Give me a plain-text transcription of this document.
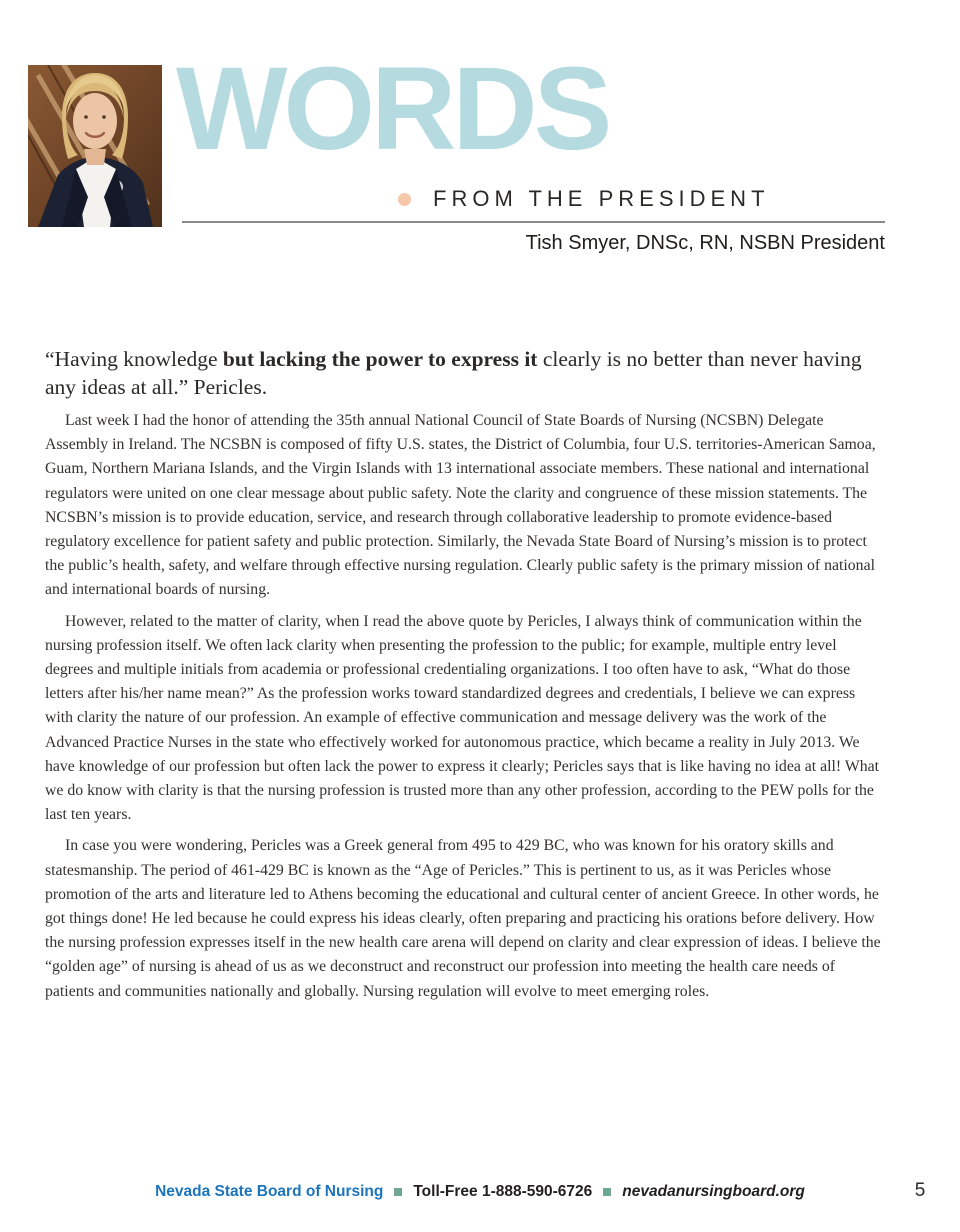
WORDS
FROM THE PRESIDENT
Tish Smyer, DNSc, RN, NSBN President

“Having knowledge but lacking the power to express it clearly is no better than never having any ideas at all.” Pericles.

Last week I had the honor of attending the 35th annual National Council of State Boards of Nursing (NCSBN) Delegate Assembly in Ireland. The NCSBN is composed of fifty U.S. states, the District of Columbia, four U.S. territories-American Samoa, Guam, Northern Mariana Islands, and the Virgin Islands with 13 international associate members. These national and international regulators were united on one clear message about public safety. Note the clarity and congruence of these mission statements. The NCSBN’s mission is to provide education, service, and research through collaborative leadership to promote evidence-based regulatory excellence for patient safety and public protection. Similarly, the Nevada State Board of Nursing’s mission is to protect the public’s health, safety, and welfare through effective nursing regulation. Clearly public safety is the primary mission of national and international boards of nursing.

However, related to the matter of clarity, when I read the above quote by Pericles, I always think of communication within the nursing profession itself. We often lack clarity when presenting the profession to the public; for example, multiple entry level degrees and multiple initials from academia or professional credentialing organizations. I too often have to ask, “What do those letters after his/her name mean?” As the profession works toward standardized degrees and credentials, I believe we can express with clarity the nature of our profession. An example of effective communication and message delivery was the work of the Advanced Practice Nurses in the state who effectively worked for autonomous practice, which became a reality in July 2013. We have knowledge of our profession but often lack the power to express it clearly; Pericles says that is like having no idea at all! What we do know with clarity is that the nursing profession is trusted more than any other profession, according to the PEW polls for the last ten years.

In case you were wondering, Pericles was a Greek general from 495 to 429 BC, who was known for his oratory skills and statesmanship. The period of 461-429 BC is known as the “Age of Pericles.” This is pertinent to us, as it was Pericles whose promotion of the arts and literature led to Athens becoming the educational and cultural center of ancient Greece. In other words, he got things done! He led because he could express his ideas clearly, often preparing and practicing his orations before delivery. How the nursing profession expresses itself in the new health care arena will depend on clarity and clear expression of ideas. I believe the “golden age” of nursing is ahead of us as we deconstruct and reconstruct our profession into meeting the health care needs of patients and communities nationally and globally. Nursing regulation will evolve to meet emerging roles.

Nevada State Board of Nursing Toll-Free 1-888-590-6726 nevadanursingboard.org	5
